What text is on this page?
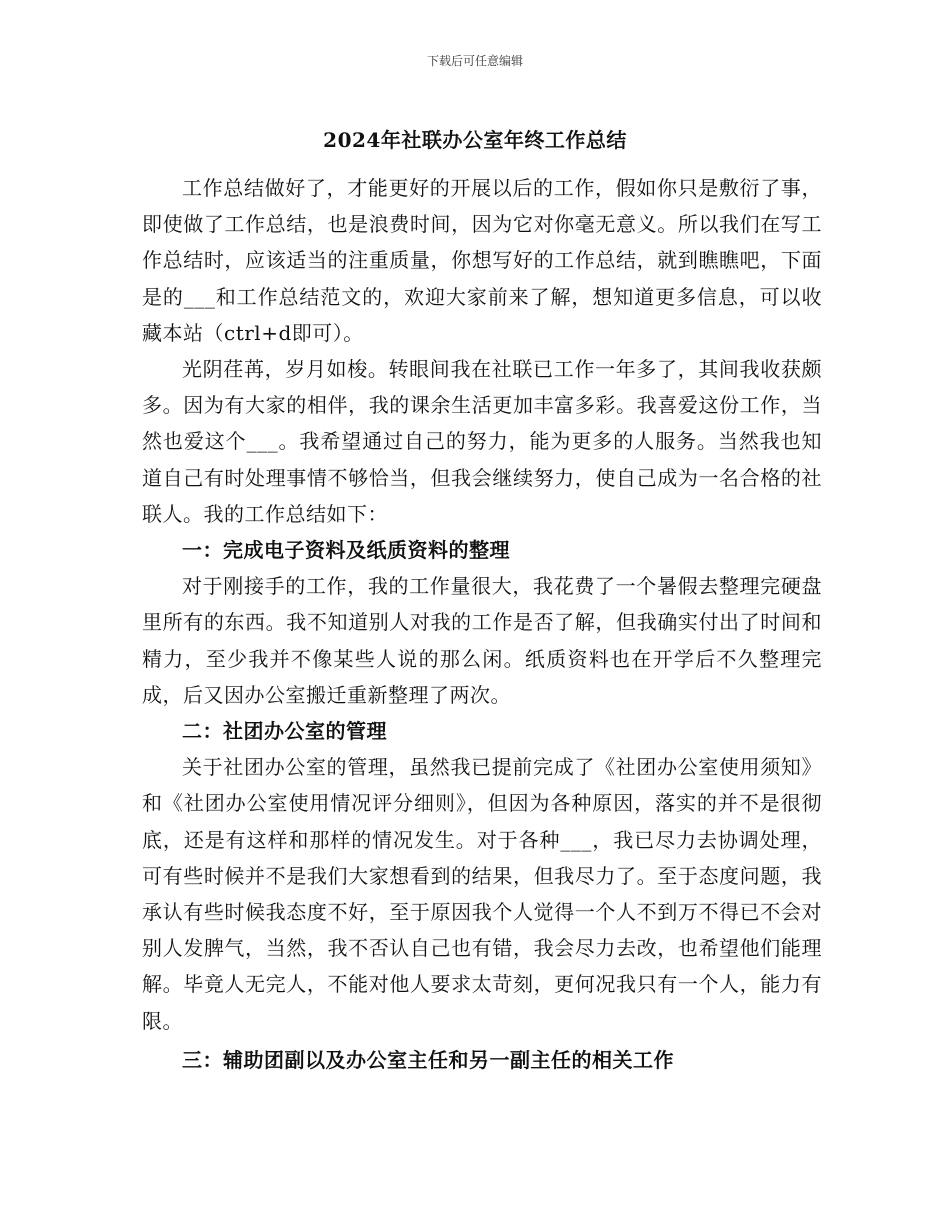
下载后可任意编辑
2024年社联办公室年终工作总结

工作总结做好了，才能更好的开展以后的工作，假如你只是敷衍了事，即使做了工作总结，也是浪费时间，因为它对你毫无意义。所以我们在写工作总结时，应该适当的注重质量，你想写好的工作总结，就到瞧瞧吧，下面是的___和工作总结范文的，欢迎大家前来了解，想知道更多信息，可以收藏本站（ctrl+d即可）。

光阴荏苒，岁月如梭。转眼间我在社联已工作一年多了，其间我收获颇多。因为有大家的相伴，我的课余生活更加丰富多彩。我喜爱这份工作，当然也爱这个___。我希望通过自己的努力，能为更多的人服务。当然我也知道自己有时处理事情不够恰当，但我会继续努力，使自己成为一名合格的社联人。我的工作总结如下：

一：完成电子资料及纸质资料的整理

对于刚接手的工作，我的工作量很大，我花费了一个暑假去整理完硬盘里所有的东西。我不知道别人对我的工作是否了解，但我确实付出了时间和精力，至少我并不像某些人说的那么闲。纸质资料也在开学后不久整理完成，后又因办公室搬迁重新整理了两次。

二：社团办公室的管理

关于社团办公室的管理，虽然我已提前完成了《社团办公室使用须知》和《社团办公室使用情况评分细则》，但因为各种原因，落实的并不是很彻底，还是有这样和那样的情况发生。对于各种___，我已尽力去协调处理，可有些时候并不是我们大家想看到的结果，但我尽力了。至于态度问题，我承认有些时候我态度不好，至于原因我个人觉得一个人不到万不得已不会对别人发脾气，当然，我不否认自己也有错，我会尽力去改，也希望他们能理解。毕竟人无完人，不能对他人要求太苛刻，更何况我只有一个人，能力有限。

三：辅助团副以及办公室主任和另一副主任的相关工作
